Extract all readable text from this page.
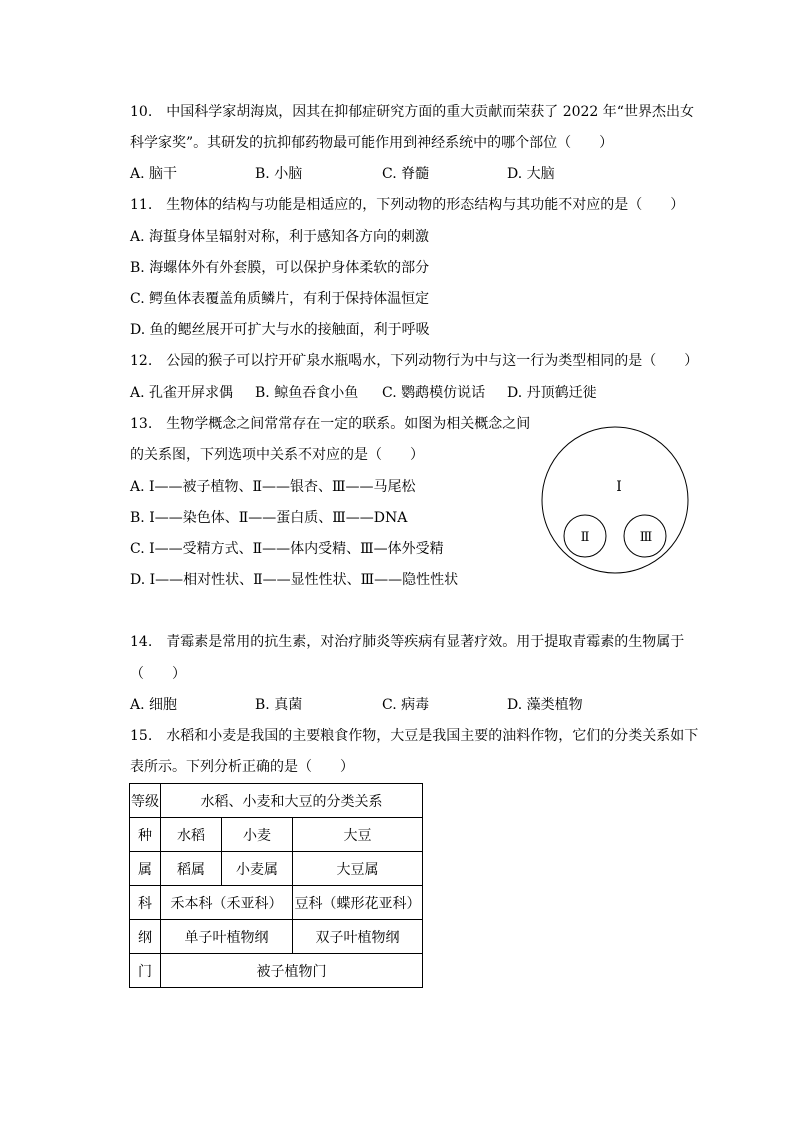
10.　中国科学家胡海岚，因其在抑郁症研究方面的重大贡献而荣获了 2022 年“世界杰出女
科学家奖”。其研发的抗抑郁药物最可能作用到神经系统中的哪个部位（　　）
A. 脑干	B. 小脑	C. 脊髓	D. 大脑
11.　生物体的结构与功能是相适应的，下列动物的形态结构与其功能不对应的是（　　）
A. 海蜇身体呈辐射对称，利于感知各方向的刺激
B. 海螺体外有外套膜，可以保护身体柔软的部分
C. 鳄鱼体表覆盖角质鳞片，有利于保持体温恒定
D. 鱼的鳃丝展开可扩大与水的接触面，利于呼吸
12.　公园的猴子可以拧开矿泉水瓶喝水，下列动物行为中与这一行为类型相同的是（　　）
A. 孔雀开屏求偶 B. 鲸鱼吞食小鱼 C. 鹦鹉模仿说话 D. 丹顶鹤迁徙
13.　生物学概念之间常常存在一定的联系。如图为相关概念之间
的关系图，下列选项中关系不对应的是（　　）
A. Ⅰ——被子植物、Ⅱ——银杏、Ⅲ——马尾松
B. Ⅰ——染色体、Ⅱ——蛋白质、Ⅲ——DNA
C. Ⅰ——受精方式、Ⅱ——体内受精、Ⅲ—体外受精
D. Ⅰ——相对性状、Ⅱ——显性性状、Ⅲ——隐性性状
Ⅰ
Ⅱ	Ⅲ
14.　青霉素是常用的抗生素，对治疗肺炎等疾病有显著疗效。用于提取青霉素的生物属于
（　　）
A. 细胞	B. 真菌	C. 病毒	D. 藻类植物
15.　水稻和小麦是我国的主要粮食作物，大豆是我国主要的油料作物，它们的分类关系如下
表所示。下列分析正确的是（　　）
等级	水稻、小麦和大豆的分类关系		
种	水稻	小麦	大豆
属	稻属	小麦属	大豆属
科	禾本科（禾亚科）		豆科（蝶形花亚科）
纲	单子叶植物纲		双子叶植物纲
门	被子植物门		
